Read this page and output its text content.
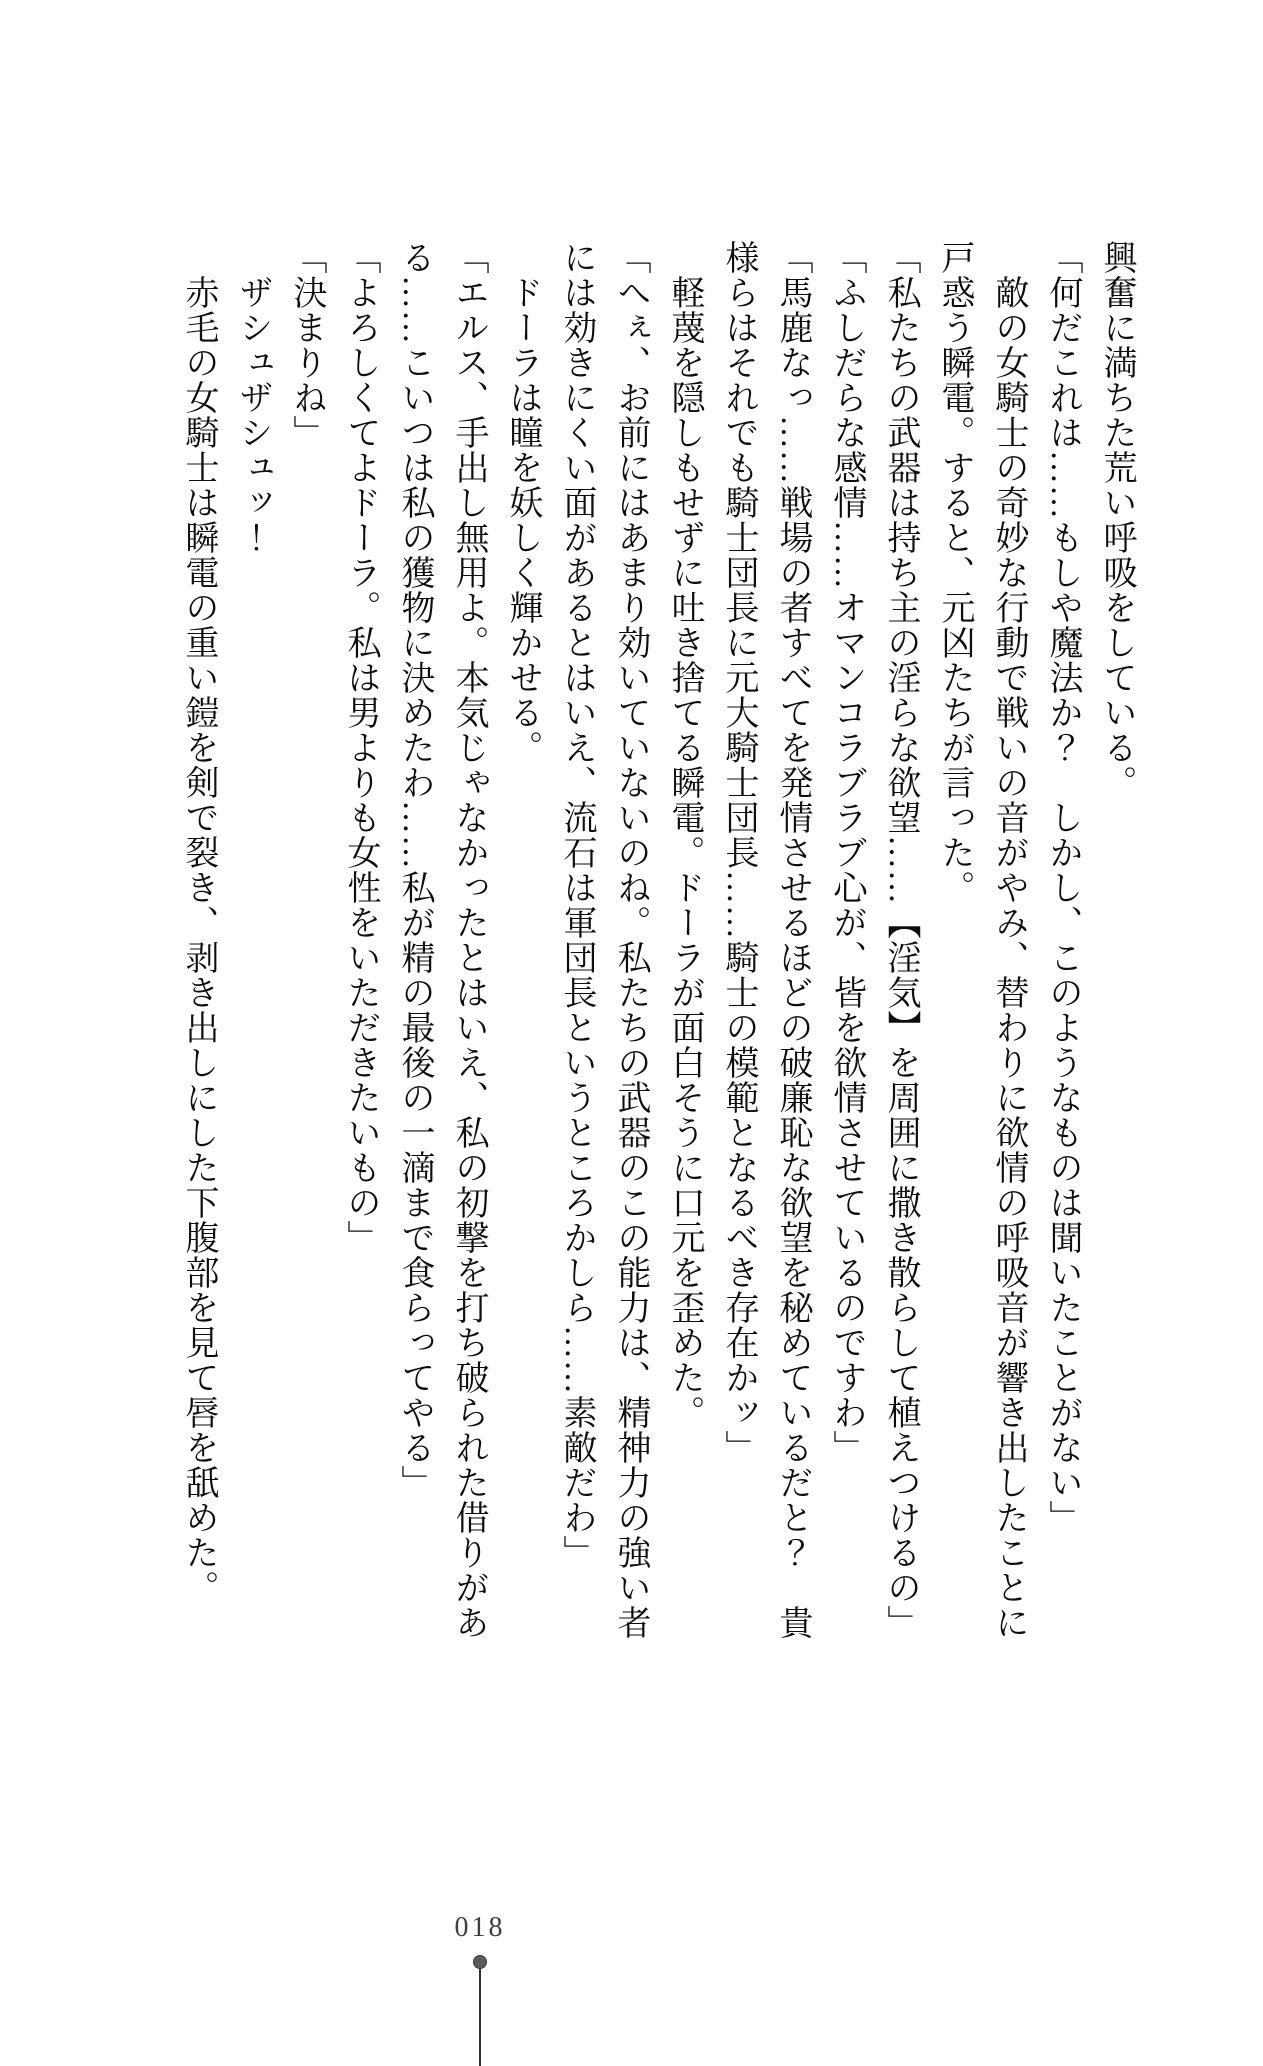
興奮に満ちた荒い呼吸をしている。

「何だこれは……もしや魔法か？　しかし、このようなものは聞いたことがない」

　敵の女騎士の奇妙な行動で戦いの音がやみ、替わりに欲情の呼吸音が響き出したことに

戸惑う瞬電。すると、元凶たちが言った。

「私たちの武器は持ち主の淫らな欲望……【淫気】を周囲に撒き散らして植えつけるの」

「ふしだらな感情……オマンコラブラブ心が、皆を欲情させているのですわ」

「馬鹿なっ……戦場の者すべてを発情させるほどの破廉恥な欲望を秘めているだと？　貴

様らはそれでも騎士団長に元大騎士団長……騎士の模範となるべき存在かッ」

　軽蔑を隠しもせずに吐き捨てる瞬電。ドーラが面白そうに口元を歪めた。

「へぇ、お前にはあまり効いていないのね。私たちの武器のこの能力は、精神力の強い者

には効きにくい面があるとはいえ、流石は軍団長というところかしら……素敵だわ」

　ドーラは瞳を妖しく輝かせる。

「エルス、手出し無用よ。本気じゃなかったとはいえ、私の初撃を打ち破られた借りがあ

る……こいつは私の獲物に決めたわ……私が精の最後の一滴まで食らってやる」

「よろしくてよドーラ。私は男よりも女性をいただきたいもの」

「決まりね」

　ザシュザシュッ！

　赤毛の女騎士は瞬電の重い鎧を剣で裂き、剥き出しにした下腹部を見て唇を舐めた。

018
